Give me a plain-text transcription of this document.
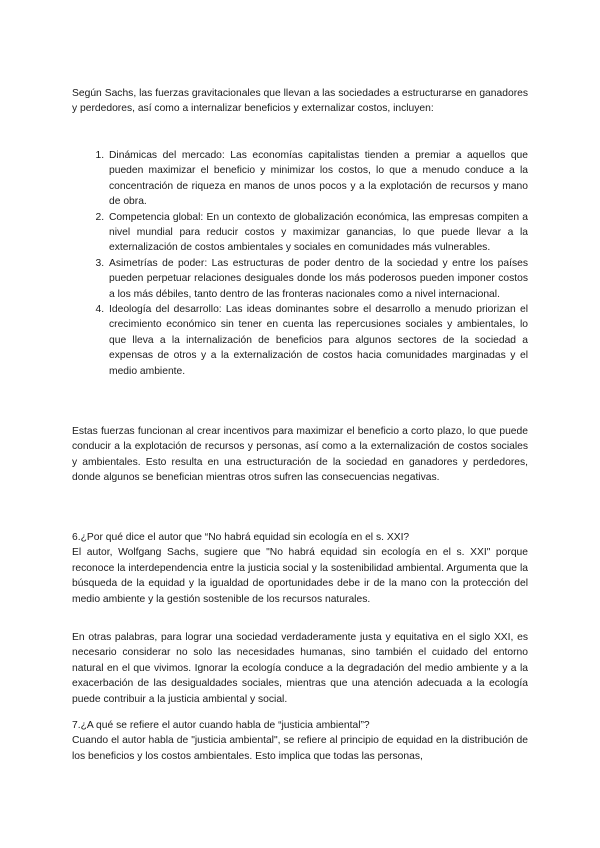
Según Sachs, las fuerzas gravitacionales que llevan a las sociedades a estructurarse en ganadores y perdedores, así como a internalizar beneficios y externalizar costos, incluyen:

1. Dinámicas del mercado: Las economías capitalistas tienden a premiar a aquellos que pueden maximizar el beneficio y minimizar los costos, lo que a menudo conduce a la concentración de riqueza en manos de unos pocos y a la explotación de recursos y mano de obra.
2. Competencia global: En un contexto de globalización económica, las empresas compiten a nivel mundial para reducir costos y maximizar ganancias, lo que puede llevar a la externalización de costos ambientales y sociales en comunidades más vulnerables.
3. Asimetrías de poder: Las estructuras de poder dentro de la sociedad y entre los países pueden perpetuar relaciones desiguales donde los más poderosos pueden imponer costos a los más débiles, tanto dentro de las fronteras nacionales como a nivel internacional.
4. Ideología del desarrollo: Las ideas dominantes sobre el desarrollo a menudo priorizan el crecimiento económico sin tener en cuenta las repercusiones sociales y ambientales, lo que lleva a la internalización de beneficios para algunos sectores de la sociedad a expensas de otros y a la externalización de costos hacia comunidades marginadas y el medio ambiente.

Estas fuerzas funcionan al crear incentivos para maximizar el beneficio a corto plazo, lo que puede conducir a la explotación de recursos y personas, así como a la externalización de costos sociales y ambientales. Esto resulta en una estructuración de la sociedad en ganadores y perdedores, donde algunos se benefician mientras otros sufren las consecuencias negativas.

6.¿Por qué dice el autor que “No habrá equidad sin ecología en el s. XXI?

El autor, Wolfgang Sachs, sugiere que "No habrá equidad sin ecología en el s. XXI" porque reconoce la interdependencia entre la justicia social y la sostenibilidad ambiental. Argumenta que la búsqueda de la equidad y la igualdad de oportunidades debe ir de la mano con la protección del medio ambiente y la gestión sostenible de los recursos naturales.

En otras palabras, para lograr una sociedad verdaderamente justa y equitativa en el siglo XXI, es necesario considerar no solo las necesidades humanas, sino también el cuidado del entorno natural en el que vivimos. Ignorar la ecología conduce a la degradación del medio ambiente y a la exacerbación de las desigualdades sociales, mientras que una atención adecuada a la ecología puede contribuir a la justicia ambiental y social.

7.¿A qué se refiere el autor cuando habla de “justicia ambiental”?

Cuando el autor habla de "justicia ambiental", se refiere al principio de equidad en la distribución de los beneficios y los costos ambientales. Esto implica que todas las personas,
